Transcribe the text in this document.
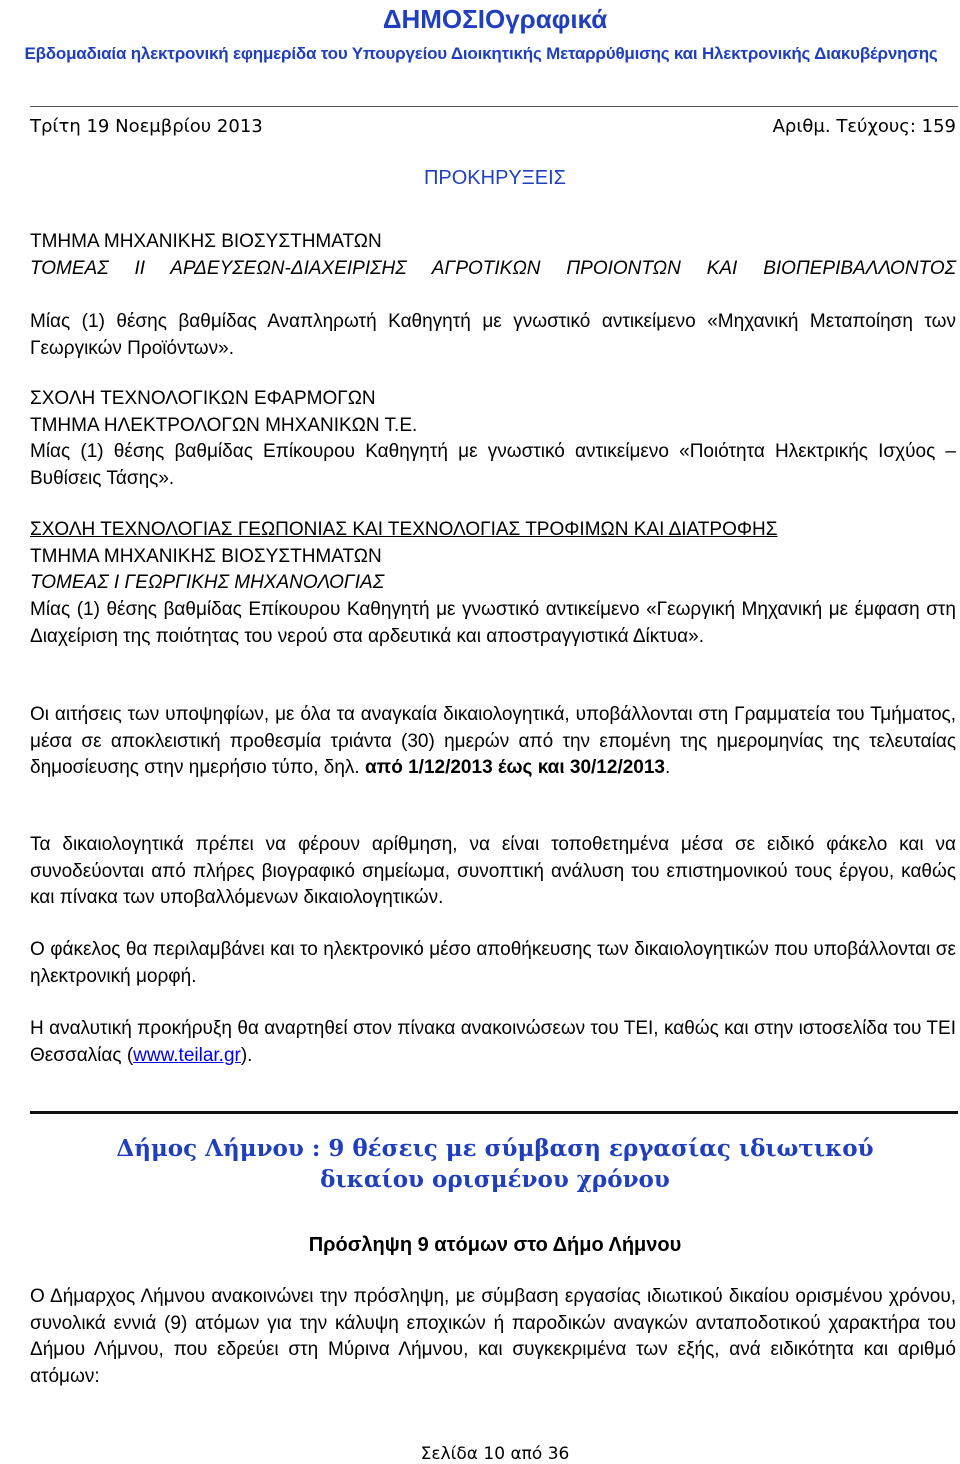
ΔΗΜΟΣΙΟγραφικά
Εβδομαδιαία ηλεκτρονική εφημερίδα του Υπουργείου Διοικητικής Μεταρρύθμισης και Ηλεκτρονικής Διακυβέρνησης
Τρίτη 19 Νοεμβρίου 2013	Αριθμ. Τεύχους: 159
ΠΡΟΚΗΡΥΞΕΙΣ
ΤΜΗΜΑ ΜΗΧΑΝΙΚΗΣ ΒΙΟΣΥΣΤΗΜΑΤΩΝ
ΤΟΜΕΑΣ ΙΙ ΑΡΔΕΥΣΕΩΝ-ΔΙΑΧΕΙΡΙΣΗΣ ΑΓΡΟΤΙΚΩΝ ΠΡΟΙΟΝΤΩΝ ΚΑΙ ΒΙΟΠΕΡΙΒΑΛΛΟΝΤΟΣ
Μίας (1) θέσης βαθμίδας Αναπληρωτή Καθηγητή με γνωστικό αντικείμενο «Μηχανική Μεταποίηση των Γεωργικών Προϊόντων».
ΣΧΟΛΗ ΤΕΧΝΟΛΟΓΙΚΩΝ ΕΦΑΡΜΟΓΩΝ
ΤΜΗΜΑ ΗΛΕΚΤΡΟΛΟΓΩΝ ΜΗΧΑΝΙΚΩΝ Τ.Ε.
Μίας (1) θέσης βαθμίδας Επίκουρου Καθηγητή με γνωστικό αντικείμενο «Ποιότητα Ηλεκτρικής Ισχύος – Βυθίσεις Τάσης».
ΣΧΟΛΗ ΤΕΧΝΟΛΟΓΙΑΣ ΓΕΩΠΟΝΙΑΣ ΚΑΙ ΤΕΧΝΟΛΟΓΙΑΣ ΤΡΟΦΙΜΩΝ ΚΑΙ ΔΙΑΤΡΟΦΗΣ
ΤΜΗΜΑ ΜΗΧΑΝΙΚΗΣ ΒΙΟΣΥΣΤΗΜΑΤΩΝ
ΤΟΜΕΑΣ Ι ΓΕΩΡΓΙΚΗΣ ΜΗΧΑΝΟΛΟΓΙΑΣ
Μίας (1) θέσης βαθμίδας Επίκουρου Καθηγητή με γνωστικό αντικείμενο «Γεωργική Μηχανική με έμφαση στη Διαχείριση της ποιότητας του νερού στα αρδευτικά και αποστραγγιστικά Δίκτυα».
Οι αιτήσεις των υποψηφίων, με όλα τα αναγκαία δικαιολογητικά, υποβάλλονται στη Γραμματεία του Τμήματος, μέσα σε αποκλειστική προθεσμία τριάντα (30) ημερών από την επομένη της ημερομηνίας της τελευταίας δημοσίευσης στην ημερήσιο τύπο, δηλ. από 1/12/2013 έως και 30/12/2013.
Τα δικαιολογητικά πρέπει να φέρουν αρίθμηση, να είναι τοποθετημένα μέσα σε ειδικό φάκελο και να συνοδεύονται από πλήρες βιογραφικό σημείωμα, συνοπτική ανάλυση του επιστημονικού τους έργου, καθώς και πίνακα των υποβαλλόμενων δικαιολογητικών.
Ο φάκελος θα περιλαμβάνει και το ηλεκτρονικό μέσο αποθήκευσης των δικαιολογητικών που υποβάλλονται σε ηλεκτρονική μορφή.
Η αναλυτική προκήρυξη θα αναρτηθεί στον πίνακα ανακοινώσεων του ΤΕΙ, καθώς και στην ιστοσελίδα του ΤΕΙ Θεσσαλίας (www.teilar.gr).
Δήμος Λήμνου : 9 θέσεις με σύμβαση εργασίας ιδιωτικού δικαίου ορισμένου χρόνου
Πρόσληψη 9 ατόμων στο Δήμο Λήμνου
Ο Δήμαρχος Λήμνου ανακοινώνει την πρόσληψη, με σύμβαση εργασίας ιδιωτικού δικαίου ορισμένου χρόνου, συνολικά εννιά (9) ατόμων για την κάλυψη εποχικών ή παροδικών αναγκών ανταποδοτικού χαρακτήρα του Δήμου Λήμνου, που εδρεύει στη Μύρινα Λήμνου, και συγκεκριμένα των εξής, ανά ειδικότητα και αριθμό ατόμων:
Σελίδα 10 από 36
